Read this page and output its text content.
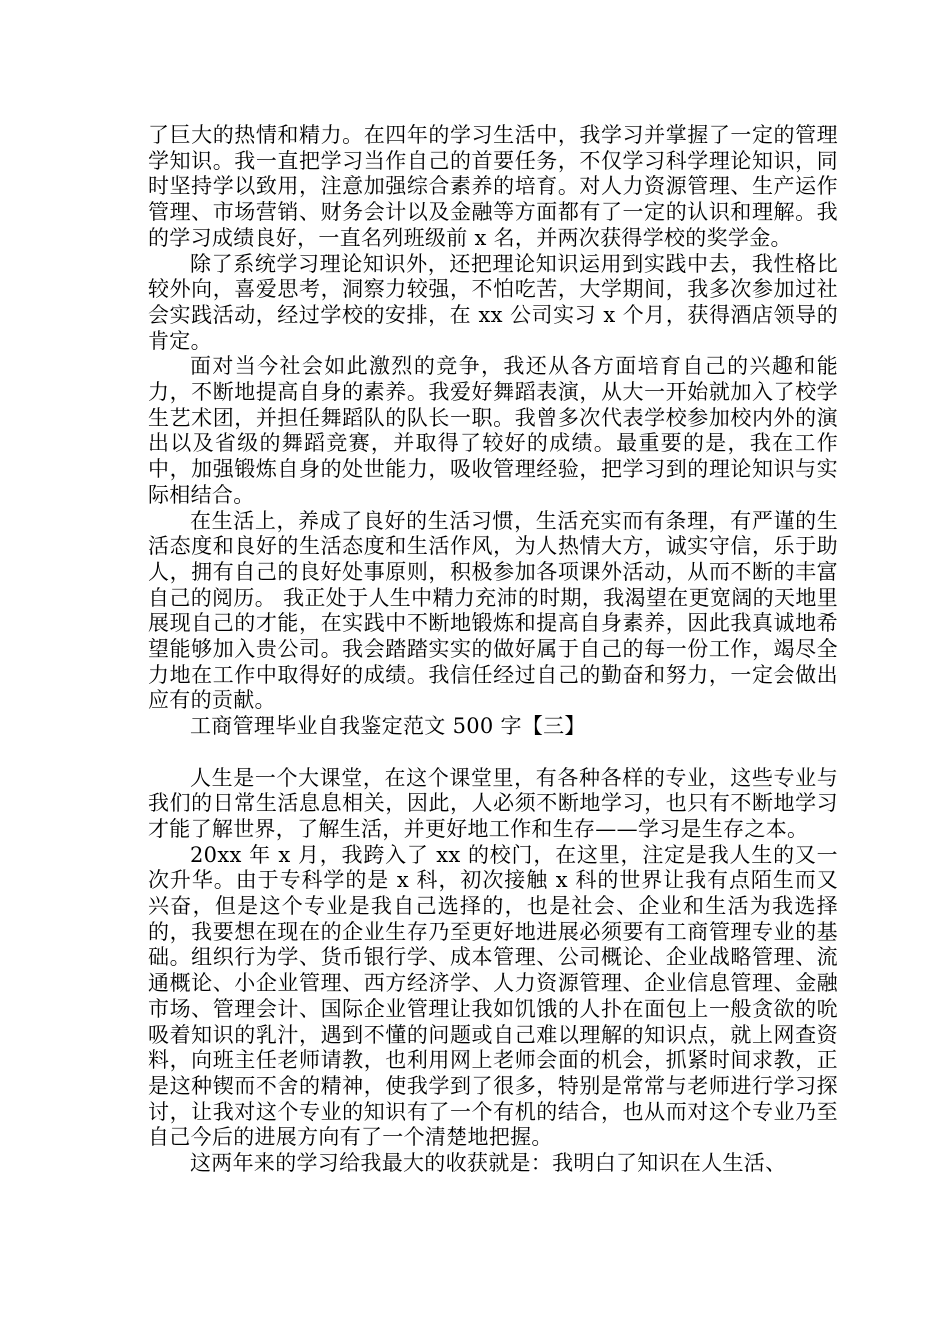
了巨大的热情和精力。在四年的学习生活中，我学习并掌握了一定的管理学知识。我一直把学习当作自己的首要任务，不仅学习科学理论知识，同时坚持学以致用，注意加强综合素养的培育。对人力资源管理、生产运作管理、市场营销、财务会计以及金融等方面都有了一定的认识和理解。我的学习成绩良好，一直名列班级前 x 名，并两次获得学校的奖学金。

除了系统学习理论知识外，还把理论知识运用到实践中去，我性格比较外向，喜爱思考，洞察力较强，不怕吃苦，大学期间，我多次参加过社会实践活动，经过学校的安排，在 xx 公司实习 x 个月，获得酒店领导的肯定。

面对当今社会如此激烈的竞争，我还从各方面培育自己的兴趣和能力，不断地提高自身的素养。我爱好舞蹈表演，从大一开始就加入了校学生艺术团，并担任舞蹈队的队长一职。我曾多次代表学校参加校内外的演出以及省级的舞蹈竞赛，并取得了较好的成绩。最重要的是，我在工作中，加强锻炼自身的处世能力，吸收管理经验，把学习到的理论知识与实际相结合。

在生活上，养成了良好的生活习惯，生活充实而有条理，有严谨的生活态度和良好的生活态度和生活作风，为人热情大方，诚实守信，乐于助人，拥有自己的良好处事原则，积极参加各项课外活动，从而不断的丰富自己的阅历。 我正处于人生中精力充沛的时期，我渴望在更宽阔的天地里展现自己的才能，在实践中不断地锻炼和提高自身素养，因此我真诚地希望能够加入贵公司。我会踏踏实实的做好属于自己的每一份工作，竭尽全力地在工作中取得好的成绩。我信任经过自己的勤奋和努力，一定会做出应有的贡献。

工商管理毕业自我鉴定范文 500 字【三】

人生是一个大课堂，在这个课堂里，有各种各样的专业，这些专业与我们的日常生活息息相关，因此，人必须不断地学习，也只有不断地学习才能了解世界，了解生活，并更好地工作和生存——学习是生存之本。

20xx 年 x 月，我跨入了 xx 的校门，在这里，注定是我人生的又一次升华。由于专科学的是 x 科，初次接触 x 科的世界让我有点陌生而又兴奋，但是这个专业是我自己选择的，也是社会、企业和生活为我选择的，我要想在现在的企业生存乃至更好地进展必须要有工商管理专业的基础。组织行为学、货币银行学、成本管理、公司概论、企业战略管理、流通概论、小企业管理、西方经济学、人力资源管理、企业信息管理、金融市场、管理会计、国际企业管理让我如饥饿的人扑在面包上一般贪欲的吮吸着知识的乳汁，遇到不懂的问题或自己难以理解的知识点，就上网查资料，向班主任老师请教，也利用网上老师会面的机会，抓紧时间求教，正是这种锲而不舍的精神，使我学到了很多，特别是常常与老师进行学习探讨，让我对这个专业的知识有了一个有机的结合，也从而对这个专业乃至自己今后的进展方向有了一个清楚地把握。

这两年来的学习给我最大的收获就是：我明白了知识在人生活、
